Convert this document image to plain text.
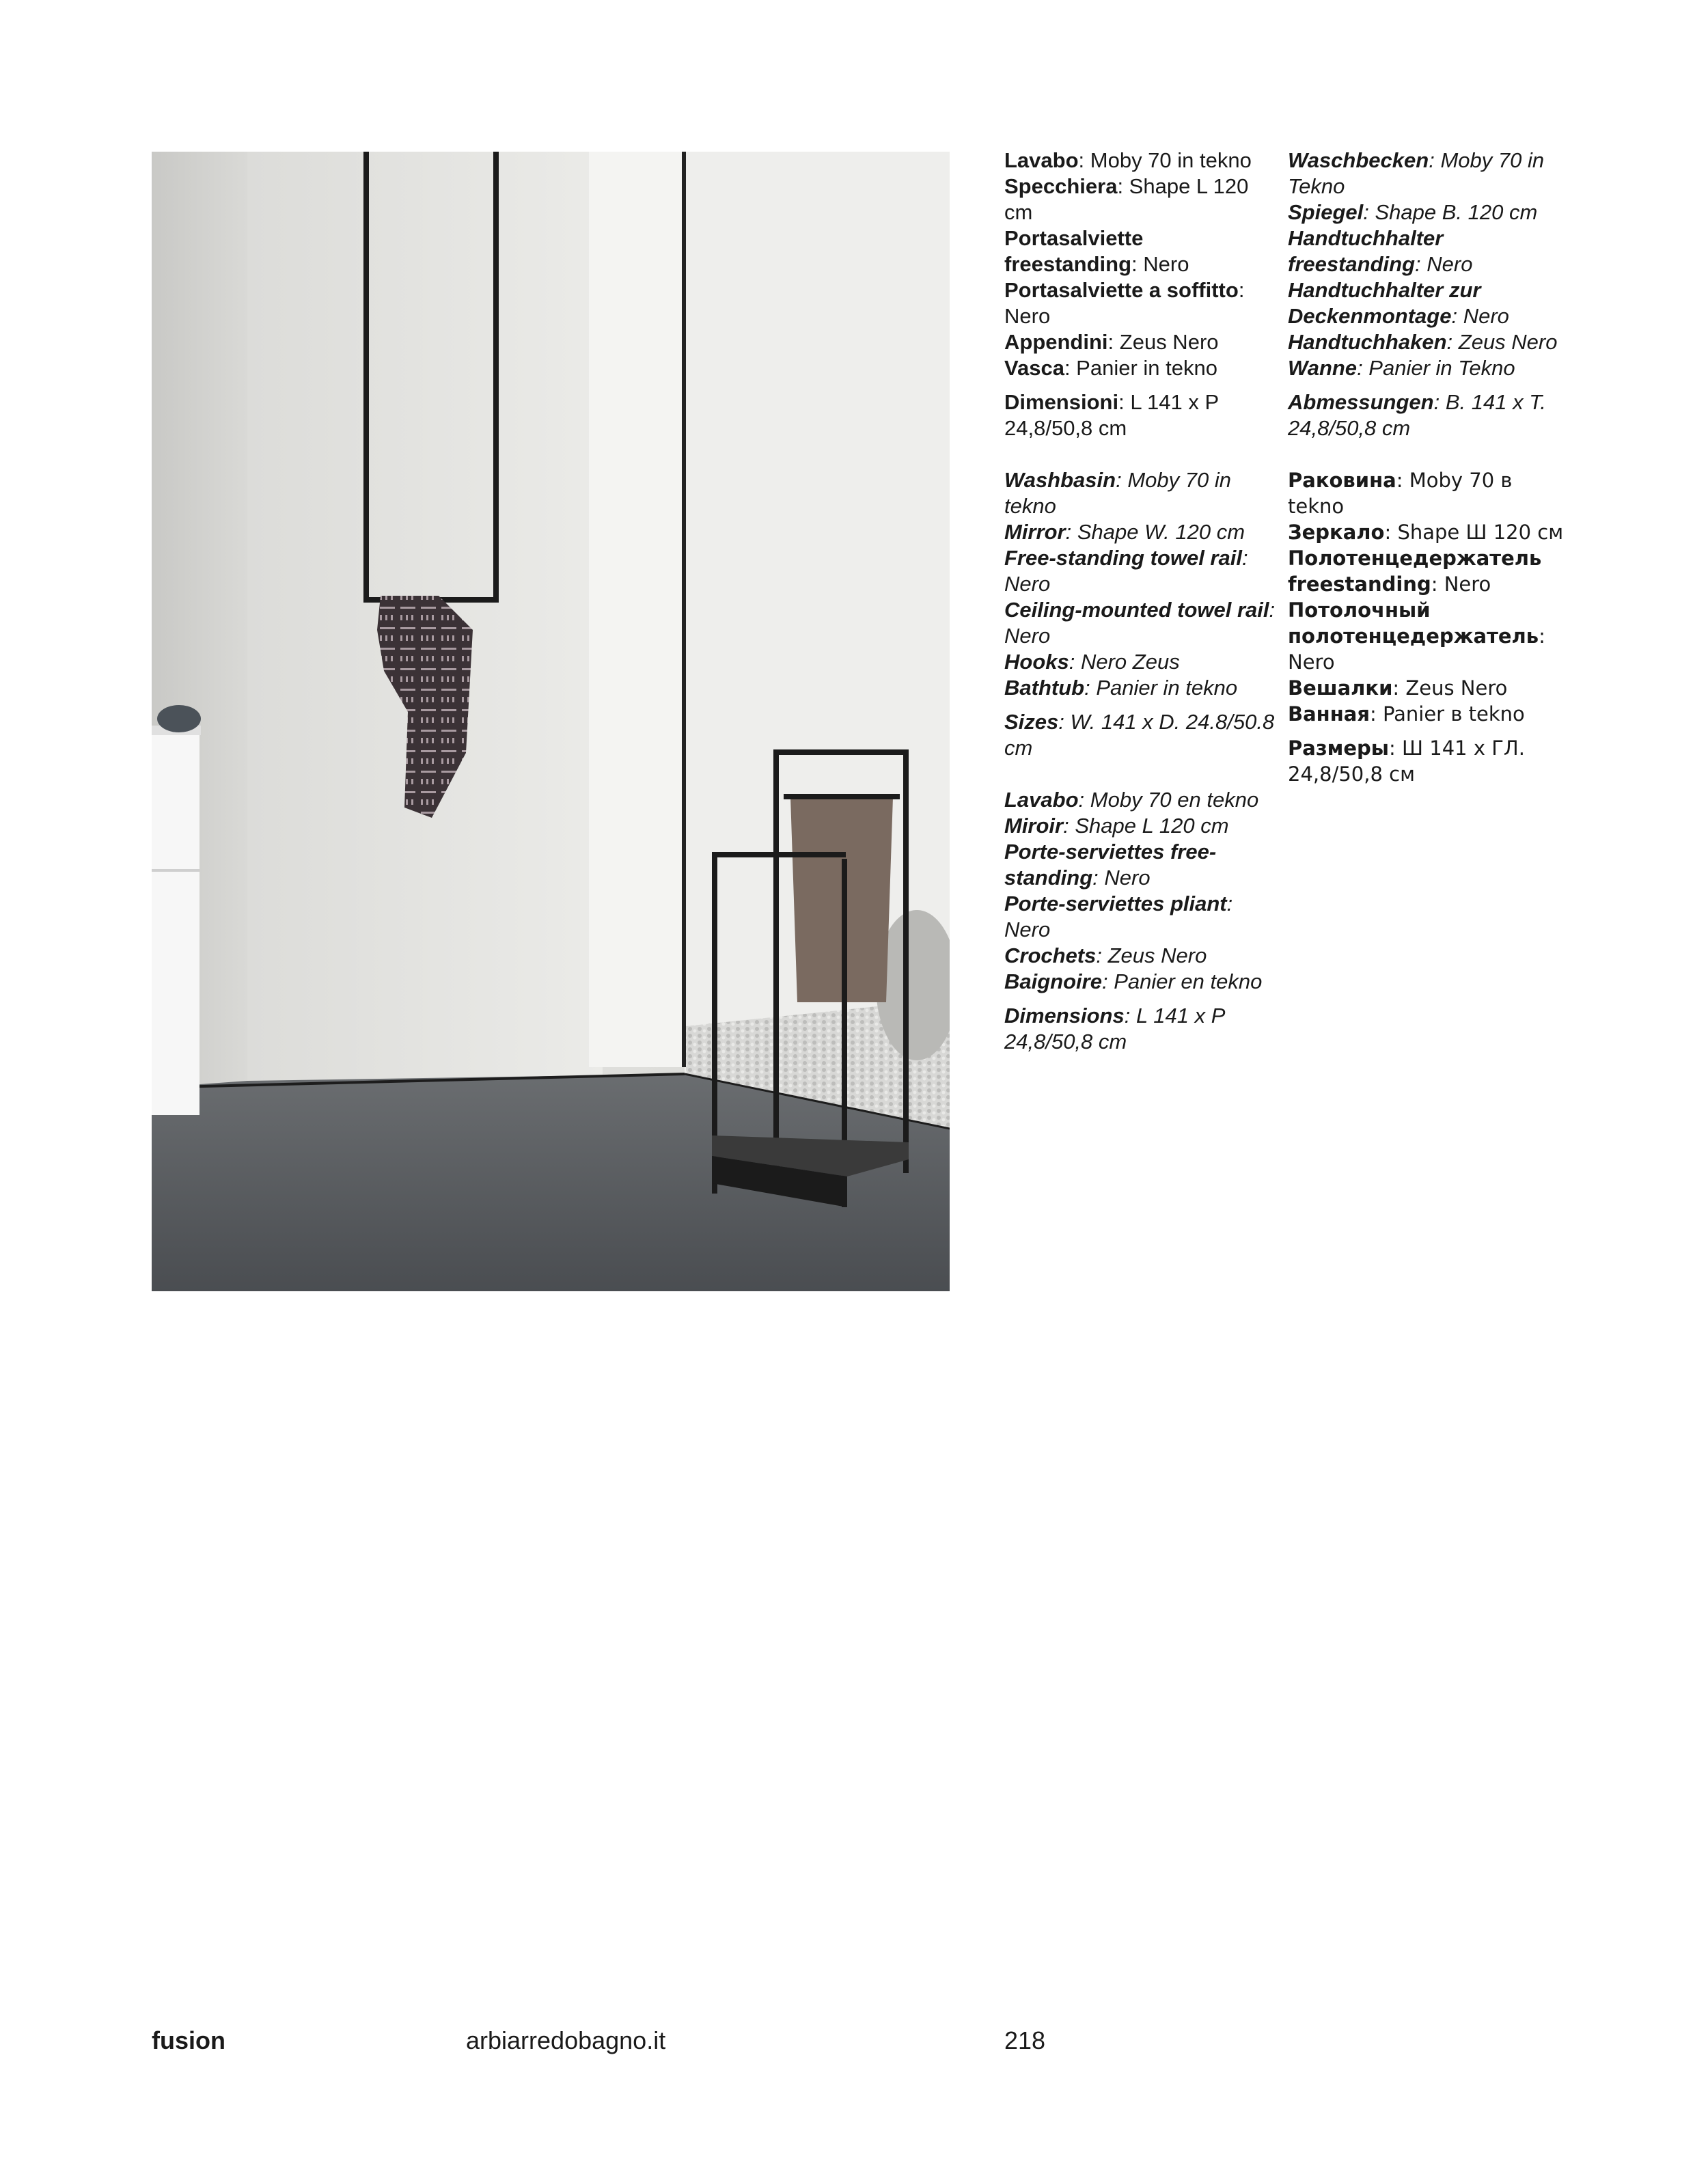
Lavabo: Moby 70 in tekno
Specchiera: Shape L 120 cm
Portasalviette freestanding: Nero
Portasalviette a soffitto: Nero
Appendini: Zeus Nero
Vasca: Panier in tekno
Dimensioni: L 141 x P 24,8/50,8 cm
Washbasin: Moby 70 in tekno
Mirror: Shape W. 120 cm
Free-standing towel rail: Nero
Ceiling-mounted towel rail: Nero
Hooks: Nero Zeus
Bathtub: Panier in tekno
Sizes: W. 141 x D. 24.8/50.8 cm
Lavabo: Moby 70 en tekno
Miroir: Shape L 120 cm
Porte-serviettes free-standing: Nero
Porte-serviettes pliant: Nero
Crochets: Zeus Nero
Baignoire: Panier en tekno
Dimensions: L 141 x P 24,8/50,8 cm
Waschbecken: Moby 70 in Tekno
Spiegel: Shape B. 120 cm
Handtuchhalter freestanding: Nero
Handtuchhalter zur Deckenmontage: Nero
Handtuchhaken: Zeus Nero
Wanne: Panier in Tekno
Abmessungen: B. 141 x T. 24,8/50,8 cm
Раковина: Moby 70 в tekno
Зеркало: Shape Ш 120 см
Полотенцедержатель freestanding: Nero
Потолочный полотенцедержатель: Nero
Вешалки: Zeus Nero
Ванная: Panier в tekno
Размеры: Ш 141 x ГЛ. 24,8/50,8 см
fusion	arbiarredobagno.it	218
